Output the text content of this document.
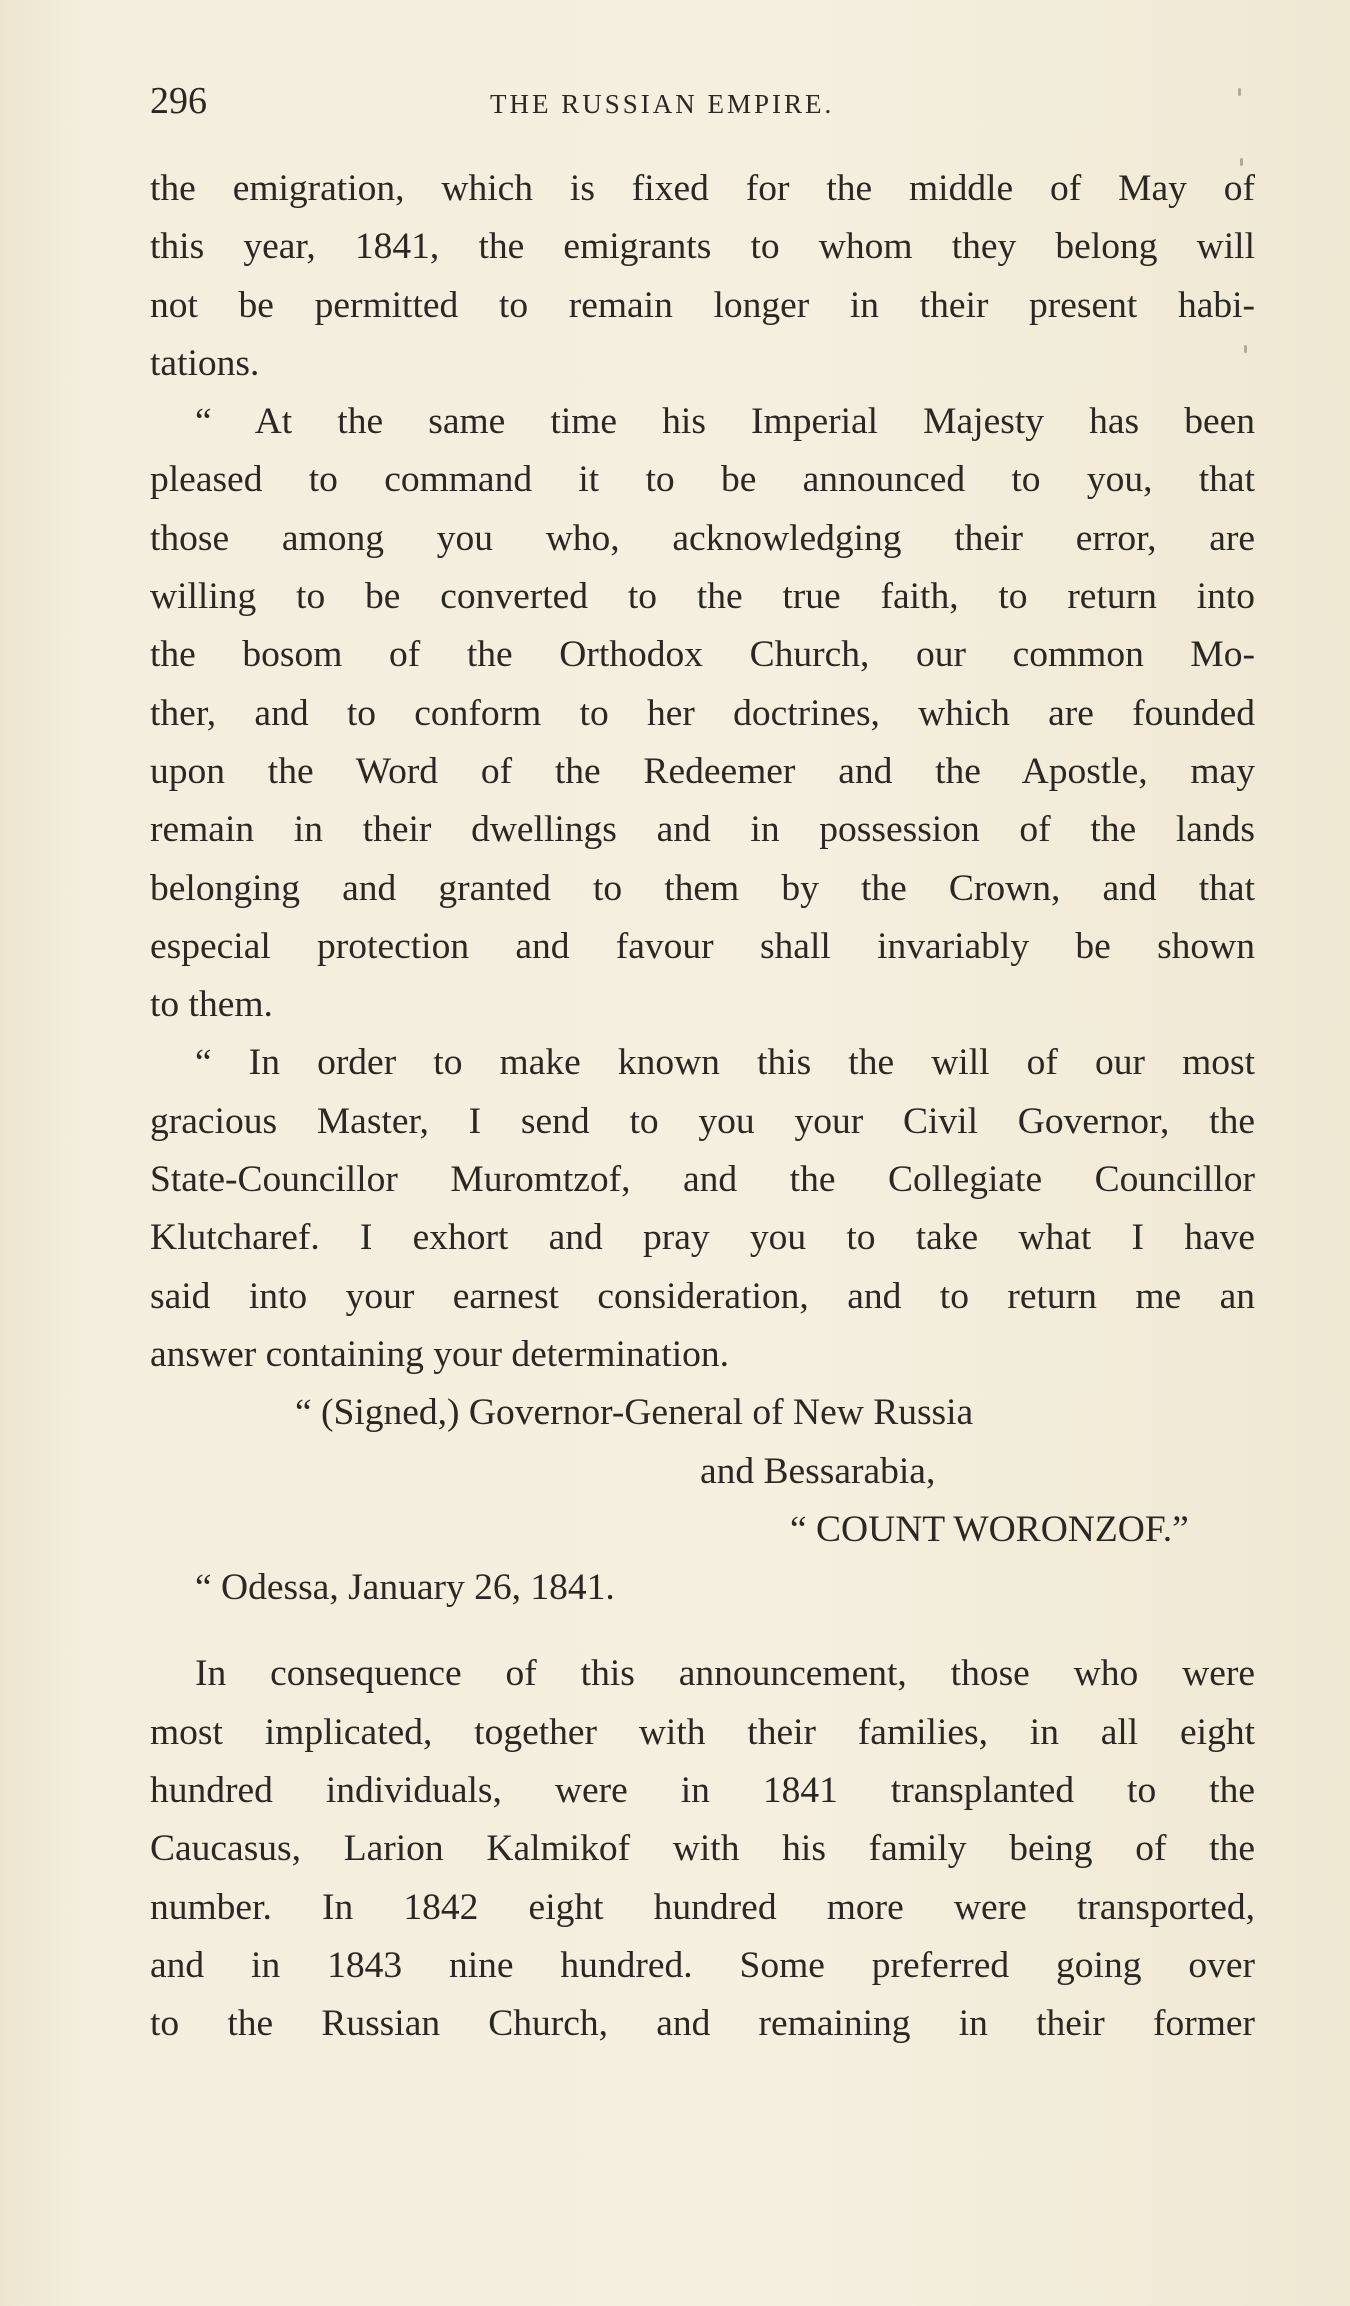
296	THE RUSSIAN EMPIRE.
the emigration, which is fixed for the middle of May of
this year, 1841, the emigrants to whom they belong will
not be permitted to remain longer in their present habi-
tations.
“ At the same time his Imperial Majesty has been
pleased to command it to be announced to you, that
those among you who, acknowledging their error, are
willing to be converted to the true faith, to return into
the bosom of the Orthodox Church, our common Mo-
ther, and to conform to her doctrines, which are founded
upon the Word of the Redeemer and the Apostle, may
remain in their dwellings and in possession of the lands
belonging and granted to them by the Crown, and that
especial protection and favour shall invariably be shown
to them.
“ In order to make known this the will of our most
gracious Master, I send to you your Civil Governor, the
State-Councillor Muromtzof, and the Collegiate Councillor
Klutcharef. I exhort and pray you to take what I have
said into your earnest consideration, and to return me an
answer containing your determination.
“ (Signed,) Governor-General of New Russia
and Bessarabia,
“ COUNT WORONZOF.”
“ Odessa, January 26, 1841.
In consequence of this announcement, those who were
most implicated, together with their families, in all eight
hundred individuals, were in 1841 transplanted to the
Caucasus, Larion Kalmikof with his family being of the
number. In 1842 eight hundred more were transported,
and in 1843 nine hundred. Some preferred going over
to the Russian Church, and remaining in their former
